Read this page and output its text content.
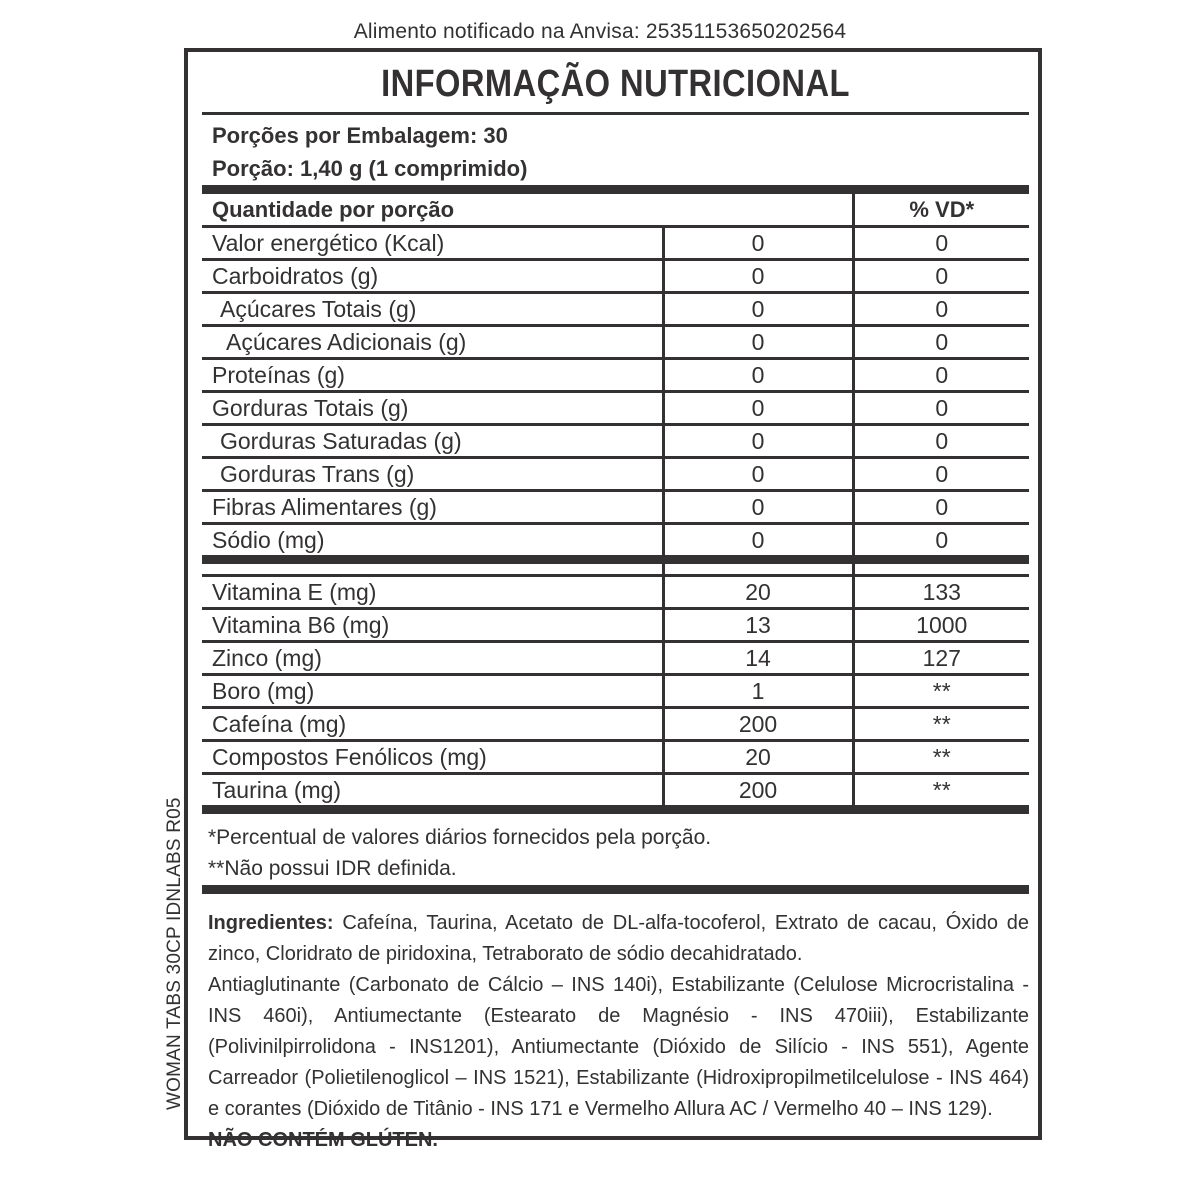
Alimento notificado na Anvisa: 25351153650202564
WOMAN TABS 30CP IDNLABS R05
INFORMAÇÃO NUTRICIONAL
Porções por Embalagem: 30
Porção: 1,40 g (1 comprimido)
Quantidade por porção		% VD*
Valor energético (Kcal)	0	0
Carboidratos (g)	0	0
Açúcares Totais (g)	0	0
Açúcares Adicionais (g)	0	0
Proteínas (g)	0	0
Gorduras Totais (g)	0	0
Gorduras Saturadas (g)	0	0
Gorduras Trans (g)	0	0
Fibras Alimentares (g)	0	0
Sódio (mg)	0	0

Vitamina E (mg)	20	133
Vitamina B6 (mg)	13	1000
Zinco (mg)	14	127
Boro (mg)	1	**
Cafeína (mg)	200	**
Compostos Fenólicos (mg)	20	**
Taurina (mg)	200	**
*Percentual de valores diários fornecidos pela porção.
**Não possui IDR definida.
Ingredientes: Cafeína, Taurina, Acetato de DL-alfa-tocoferol, Extrato de cacau, Óxido de zinco, Cloridrato de piridoxina, Tetraborato de sódio decahidratado.
Antiaglutinante (Carbonato de Cálcio – INS 140i), Estabilizante (Celulose Microcristalina - INS 460i), Antiumectante (Estearato de Magnésio - INS 470iii), Estabilizante (Polivinilpirrolidona - INS1201), Antiumectante (Dióxido de Silício - INS 551), Agente Carreador (Polietilenoglicol – INS 1521), Estabilizante (Hidroxipropilmetilcelulose - INS 464) e corantes (Dióxido de Titânio - INS 171 e Vermelho Allura AC / Vermelho 40 – INS 129).
NÃO CONTÉM GLÚTEN.
